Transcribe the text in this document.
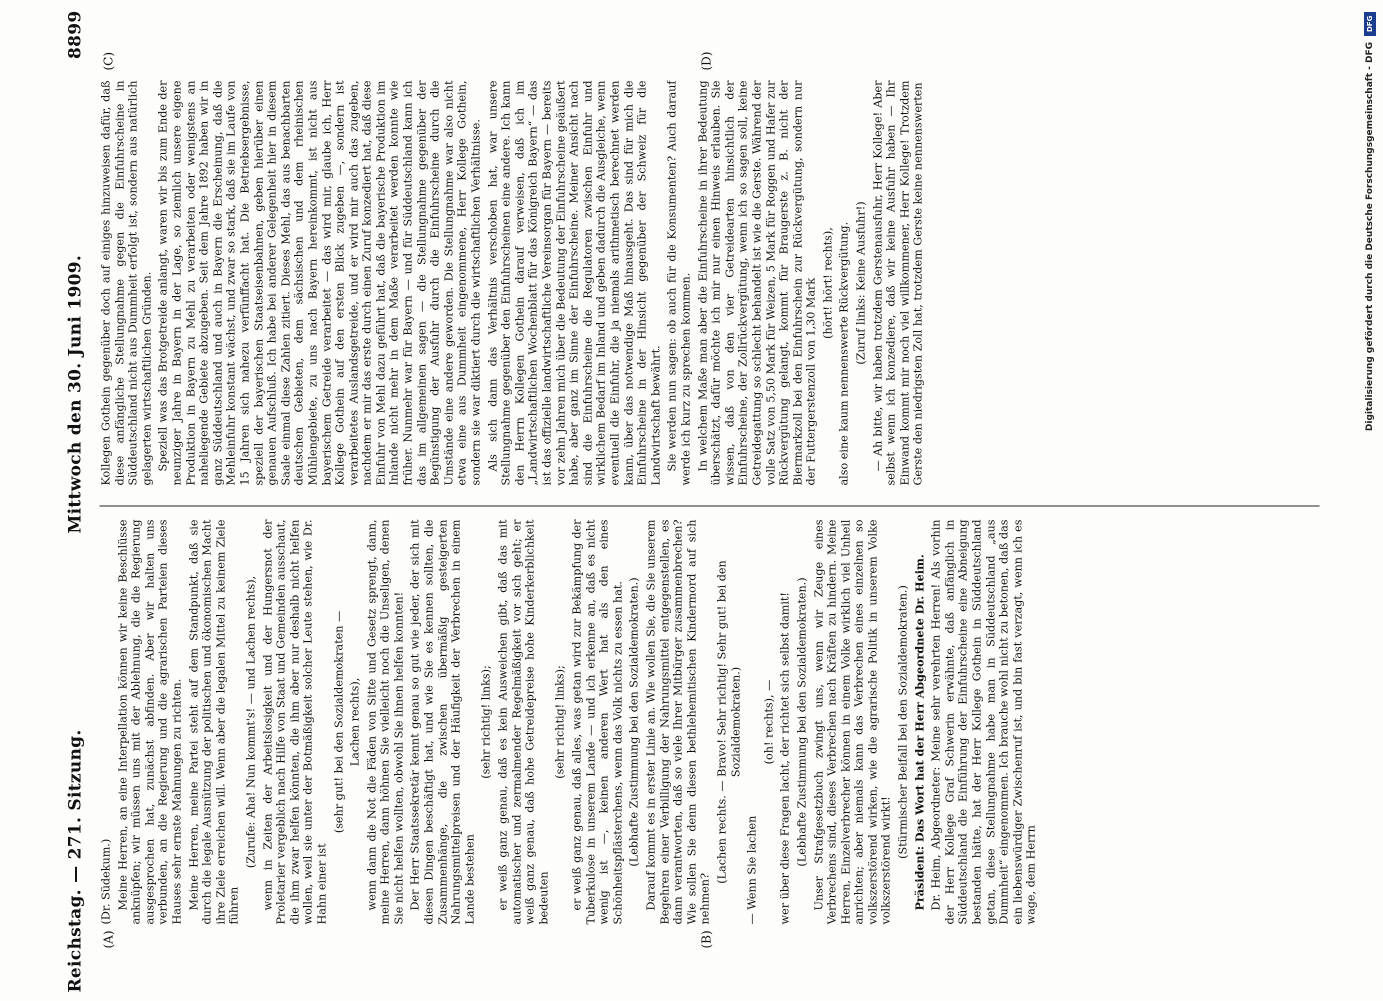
Reichstag. — 271. Sitzung.
Mittwoch den 30. Juni 1909.
8899
(A)	(B)
(C)	(D)

(Dr. Südekum.) Meine Herren, an eine Interpellation können wir keine Beschlüsse anknüpfen; wir müssen uns mit der Ablehnung, die die Regierung ausgesprochen hat, zunächst abfinden. Aber wir halten uns verbunden, an die Regierung und die agrarischen Parteien dieses Hauses sehr ernste Mahnungen zu richten. Meine Herren, meine Partei steht auf dem Standpunkt, daß sie durch die legale Ausnützung der politischen und ökonomischen Macht ihre Ziele erreichen will. Wenn aber die legalen Mittel zu keinem Ziele führen

(Zurufe: Aha! Nun kommt's! — und Lachen rechts), wenn in Zeiten der Arbeitslosigkeit und der Hungersnot der Proletarier vergeblich nach Hilfe von Staat und Gemeinden ausschaut, die ihm zwar helfen könnten, die ihm aber nur deshalb nicht helfen wollen, weil sie unter der Botmäßigkeit solcher Leute stehen, wie Dr. Hahn einer ist

(sehr gut! bei den Sozialdemokraten — Lachen rechts), wenn dann die Not die Fäden von Sitte und Gesetz sprengt, dann, meine Herren, dann höhnen Sie vielleicht noch die Unseligen, denen Sie nicht helfen wollten, obwohl Sie ihnen helfen konnten! Der Herr Staatssekretär kennt genau so gut wie jeder, der sich mit diesen Dingen beschäftigt hat, und wie Sie es kennen sollten, die Zusammenhänge, die zwischen übermäßig gesteigerten Nahrungsmittelpreisen und der Häufigkeit der Verbrechen in einem Lande bestehen

(sehr richtig! links); er weiß ganz genau, daß es kein Ausweichen gibt, daß das mit automatischer und zermalmender Regelmäßigkeit vor sich geht; er weiß ganz genau, daß hohe Getreidepreise hohe Kinderkerblichkeit bedeuten

(sehr richtig! links); er weiß ganz genau, daß alles, was getan wird zur Bekämpfung der Tuberkulose in unserem Lande — und ich erkenne an, daß es nicht wenig ist —, keinen anderen Wert hat als den eines Schönheitspflästerchens, wenn das Volk nichts zu essen hat. (Lebhafte Zustimmung bei den Sozialdemokraten.) Darauf kommt es in erster Linie an. Wie wollen Sie, die Sie unserem Begehren einer Verbilligung der Nahrungsmittel entgegenstellen, es dann verantworten, daß so viele Ihrer Mitbürger zusammenbrechen? Wie sollen Sie denn diesen bethlehemitischen Kindermord auf sich nehmen?

(Lachen rechts. — Bravo! Sehr richtig! Sehr gut! bei den Sozialdemokraten.)

— Wenn Sie lachen

(oh! rechts), — wer über diese Fragen lacht, der richtet sich selbst damit! (Lebhafte Zustimmung bei den Sozialdemokraten.) Unser Strafgesetzbuch zwingt uns, wenn wir Zeuge eines Verbrechens sind, dieses Verbrechen nach Kräften zu hindern. Meine Herren, Einzelverbrecher können in einem Volke wirklich viel Unheil anrichten; aber niemals kann das Verbrechen eines einzelnen so volkszerstörend wirken, wie die agrarische Politik in unserem Volke volkszerstörend wirkt!

(Stürmischer Beifall bei den Sozialdemokraten.) Präsident: Das Wort hat der Herr Abgeordnete Dr. Heim. Dr. Heim, Abgeordneter: Meine sehr verehrten Herren! Als vorhin der Herr Kollege Graf Schwerin erwähnte, daß anfänglich in Süddeutschland die Einführung der Einfuhrscheine eine Abneigung bestanden hätte, hat der Herr Kollege Gothein in Süddeutschland getan, diese Stellungnahme habe man in Süddeutschland „aus Dummheit“ eingenommen. Ich brauche wohl nicht zu betonen, daß das ein liebenswürdiger Zwischenruf ist, und bin fast verzagt, wenn ich es wage, dem Herrn

Kollegen Gothein gegenüber doch auf einiges hinzuweisen dafür, daß diese anfängliche Stellungnahme gegen die Einfuhrscheine in Süddeutschland nicht aus Dummheit erfolgt ist, sondern aus natürlich gelagerten wirtschaftlichen Gründen. Speziell was das Brotgetreide anlangt, waren wir bis zum Ende der neunziger Jahre in Bayern in der Lage, so ziemlich unsere eigene Produktion in Bayern zu Mehl zu verarbeiten oder wenigstens an naheliegende Gebiete abzugeben. Seit dem Jahre 1892 haben wir in ganz Süddeutschland und auch in Bayern die Erscheinung, daß die Mehleinfuhr konstant wächst, und zwar so stark, daß sie im Laufe von 15 Jahren sich nahezu verfünffacht hat. Die Betriebsergebnisse, speziell der bayerischen Staatseisenbahnen, geben hierüber einen genauen Aufschluß. Ich habe bei anderer Gelegenheit hier in diesem Saale einmal diese Zahlen zitiert. Dieses Mehl, das aus benachbarten deutschen Gebieten, dem sächsischen und dem rheinischen Mühlengebiete, zu uns nach Bayern hereinkommt, ist nicht aus bayerischem Getreide verarbeitet — das wird mir, glaube ich, Herr Kollege Gothein auf den ersten Blick zugeben —, sondern ist verarbeitetes Auslandsgetreide, und er wird mir auch das zugeben, nachdem er mir das erste durch einen Zuruf konzediert hat, daß diese Einfuhr von Mehl dazu geführt hat, daß die bayerische Produktion im Inlande nicht mehr in dem Maße verarbeitet werden konnte wie früher. Nunmehr war für Bayern — und für Süddeutschland kann ich das im allgemeinen sagen — die Stellungnahme gegenüber der Begünstigung der Ausfuhr durch die Einfuhrscheine durch die Umstände eine andere geworden. Die Stellungnahme war also nicht etwa eine aus Dummheit eingenommene, Herr Kollege Gothein, sondern sie war diktiert durch die wirtschaftlichen Verhältnisse. Als sich dann das Verhältnis verschoben hat, war unsere Stellungnahme gegenüber den Einfuhrscheinen eine andere. Ich kann den Herrn Kollegen Gothein darauf verweisen, daß ich im „Landwirtschaftlichen Wochenblatt für das Königreich Bayern“ — das ist das offizielle landwirtschaftliche Vereinsorgan für Bayern — bereits vor zehn Jahren mich über die Bedeutung der Einfuhrscheine geäußert habe, aber ganz im Sinne der Einfuhrscheine. Meiner Ansicht nach sind die Einfuhrscheine die Regulatoren zwischen Einfuhr und wirklichem Bedarf im Inland und geben dadurch die Ausgleiche, wenn eventuell die Einfuhr, die ja niemals arithmetisch berechnet werden kann, über das notwendige Maß hinausgeht. Das sind für mich die Einfuhrscheine in der Hinsicht gegenüber der Schweiz für die Landwirtschaft bewährt. Sie werden nun sagen: ob auch für die Konsumenten? Auch darauf werde ich kurz zu sprechen kommen. In welchem Maße man aber die Einfuhrscheine in ihrer Bedeutung überschätzt, dafür möchte ich mir nur einen Hinweis erlauben. Sie wissen, daß von den vier Getreidearten hinsichtlich der Einfuhrscheine, der Zollrückvergütung, wenn ich so sagen soll, keine Getreidegattung so schlecht behandelt ist wie die Gerste. Während der volle Satz von 5,50 Mark für Weizen, 5 Mark für Roggen und Hafer zur Rückvergütung gelangt, kommt für Braugerste z. B. nicht der Biermarkzoll bei den Einfuhrschein zur Rückvergütung, sondern nur der Futtergerstenzoll von 1,30 Mark (hört! hört! rechts), also eine kaum nennenswerte Rückvergütung. (Zuruf links: Keine Ausfuhr!) — Ah bitte, wir haben trotzdem Gerstenausfuhr, Herr Kollege! Aber selbst wenn ich konzediere, daß wir keine Ausfuhr haben — Ihr Einwand kommt mir noch viel willkommener, Herr Kollege! Trotzdem Gerste den niedrigsten Zoll hat, trotzdem Gerste keine nennenswerten

DFG
Digitalisierung gefördert durch die Deutsche Forschungsgemeinschaft - DFG
